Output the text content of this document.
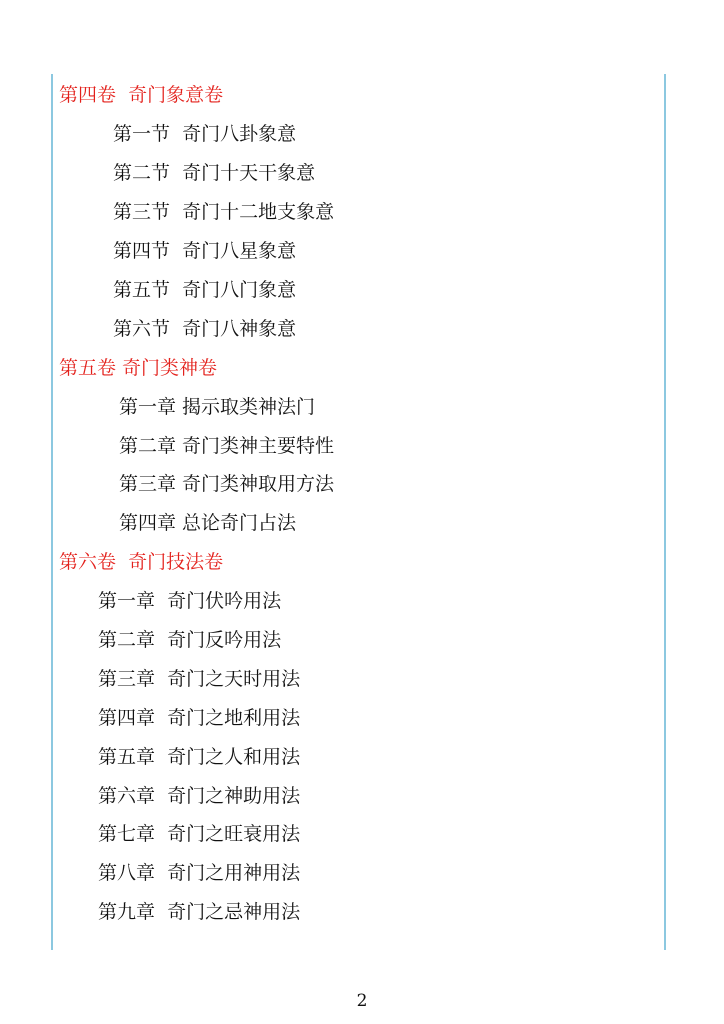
第四卷  奇门象意卷
第一节  奇门八卦象意
第二节  奇门十天干象意
第三节  奇门十二地支象意
第四节  奇门八星象意
第五节  奇门八门象意
第六节  奇门八神象意
第五卷 奇门类神卷
第一章 揭示取类神法门
第二章 奇门类神主要特性
第三章 奇门类神取用方法
第四章 总论奇门占法
第六卷  奇门技法卷
第一章  奇门伏吟用法
第二章  奇门反吟用法
第三章  奇门之天时用法
第四章  奇门之地利用法
第五章  奇门之人和用法
第六章  奇门之神助用法
第七章  奇门之旺衰用法
第八章  奇门之用神用法
第九章  奇门之忌神用法
2
